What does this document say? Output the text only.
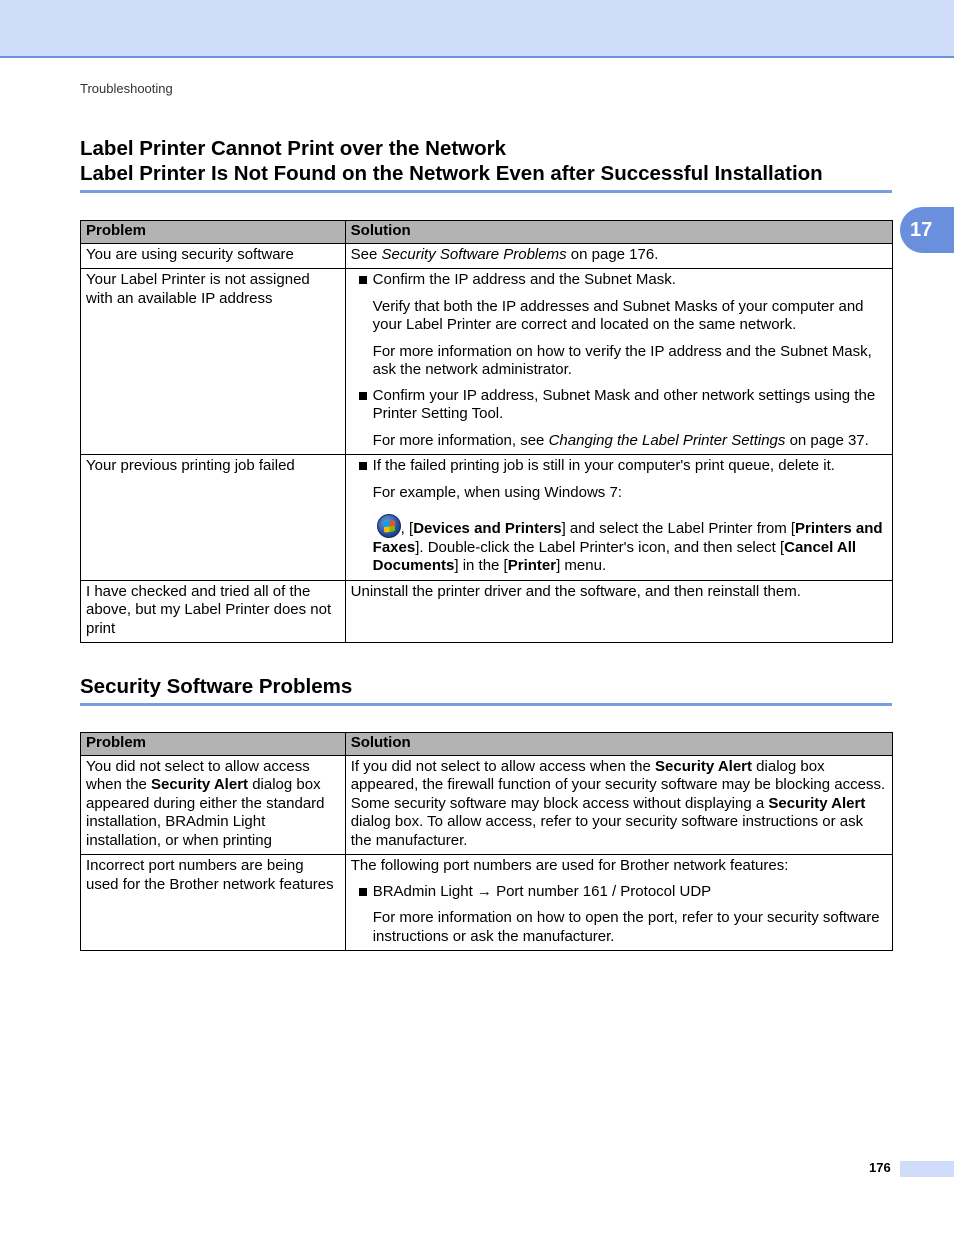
Troubleshooting
17
Label Printer Cannot Print over the Network
Label Printer Is Not Found on the Network Even after Successful Installation
Problem	Solution
You are using security software	See Security Software Problems on page 176.
Your Label Printer is not assigned with an available IP address	Confirm the IP address and the Subnet Mask.
Verify that both the IP addresses and Subnet Masks of your computer and your Label Printer are correct and located on the same network.
For more information on how to verify the IP address and the Subnet Mask, ask the network administrator.
Confirm your IP address, Subnet Mask and other network settings using the Printer Setting Tool.
For more information, see Changing the Label Printer Settings on page 37.

Your previous printing job failed	If the failed printing job is still in your computer's print queue, delete it.
For example, when using Windows 7:
, [Devices and Printers] and select the Label Printer from [Printers and Faxes]. Double-click the Label Printer's icon, and then select [Cancel All Documents] in the [Printer] menu.

I have checked and tried all of the above, but my Label Printer does not print	Uninstall the printer driver and the software, and then reinstall them.
Security Software Problems
Problem	Solution
You did not select to allow access when the Security Alert dialog box appeared during either the standard installation, BRAdmin Light installation, or when printing	If you did not select to allow access when the Security Alert dialog box appeared, the firewall function of your security software may be blocking access. Some security software may block access without displaying a Security Alert dialog box. To allow access, refer to your security software instructions or ask the manufacturer.
Incorrect port numbers are being used for the Brother network features	The following port numbers are used for Brother network features:
BRAdmin Light → Port number 161 / Protocol UDP
For more information on how to open the port, refer to your security software instructions or ask the manufacturer.
176
